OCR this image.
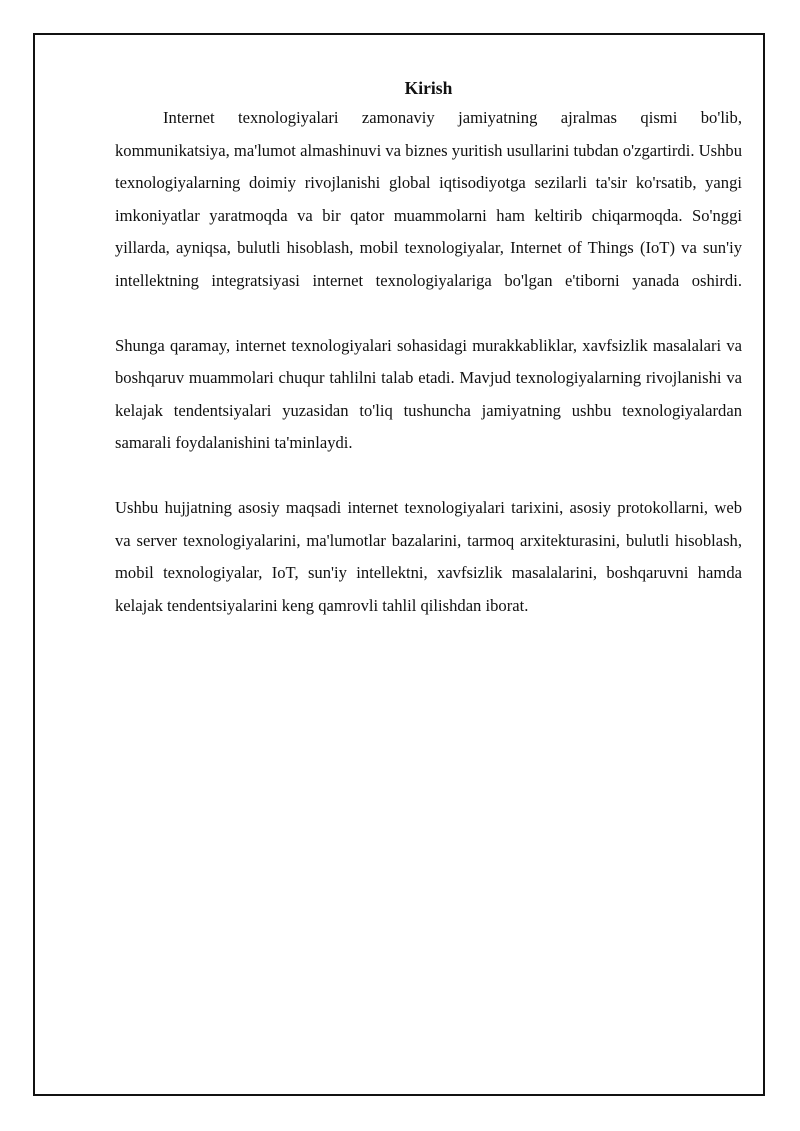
Kirish

Internet texnologiyalari zamonaviy jamiyatning ajralmas qismi bo'lib, kommunikatsiya, ma'lumot almashinuvi va biznes yuritish usullarini tubdan o'zgartirdi. Ushbu texnologiyalarning doimiy rivojlanishi global iqtisodiyotga sezilarli ta'sir ko'rsatib, yangi imkoniyatlar yaratmoqda va bir qator muammolarni ham keltirib chiqarmoqda. So'nggi yillarda, ayniqsa, bulutli hisoblash, mobil texnologiyalar, Internet of Things (IoT) va sun'iy intellektning integratsiyasi internet texnologiyalariga bo'lgan e'tiborni yanada oshirdi.

Shunga qaramay, internet texnologiyalari sohasidagi murakkabliklar, xavfsizlik masalalari va boshqaruv muammolari chuqur tahlilni talab etadi. Mavjud texnologiyalarning rivojlanishi va kelajak tendentsiyalari yuzasidan to'liq tushuncha jamiyatning ushbu texnologiyalardan samarali foydalanishini ta'minlaydi.

Ushbu hujjatning asosiy maqsadi internet texnologiyalari tarixini, asosiy protokollarni, web va server texnologiyalarini, ma'lumotlar bazalarini, tarmoq arxitekturasini, bulutli hisoblash, mobil texnologiyalar, IoT, sun'iy intellektni, xavfsizlik masalalarini, boshqaruvni hamda kelajak tendentsiyalarini keng qamrovli tahlil qilishdan iborat.
